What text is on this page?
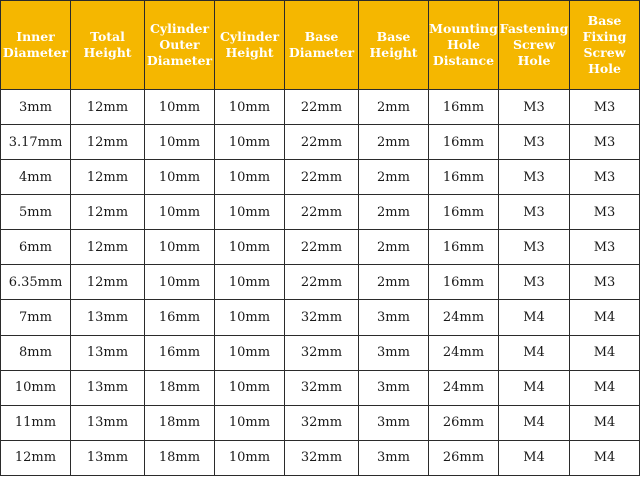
Inner Diameter	Total Height	Cylinder Outer Diameter	Cylinder Height	Base Diameter	Base Height	Mounting Hole Distance	Fastening Screw Hole	Base Fixing Screw Hole
3mm	12mm	10mm	10mm	22mm	2mm	16mm	M3	M3
3.17mm	12mm	10mm	10mm	22mm	2mm	16mm	M3	M3
4mm	12mm	10mm	10mm	22mm	2mm	16mm	M3	M3
5mm	12mm	10mm	10mm	22mm	2mm	16mm	M3	M3
6mm	12mm	10mm	10mm	22mm	2mm	16mm	M3	M3
6.35mm	12mm	10mm	10mm	22mm	2mm	16mm	M3	M3
7mm	13mm	16mm	10mm	32mm	3mm	24mm	M4	M4
8mm	13mm	16mm	10mm	32mm	3mm	24mm	M4	M4
10mm	13mm	18mm	10mm	32mm	3mm	24mm	M4	M4
11mm	13mm	18mm	10mm	32mm	3mm	26mm	M4	M4
12mm	13mm	18mm	10mm	32mm	3mm	26mm	M4	M4
